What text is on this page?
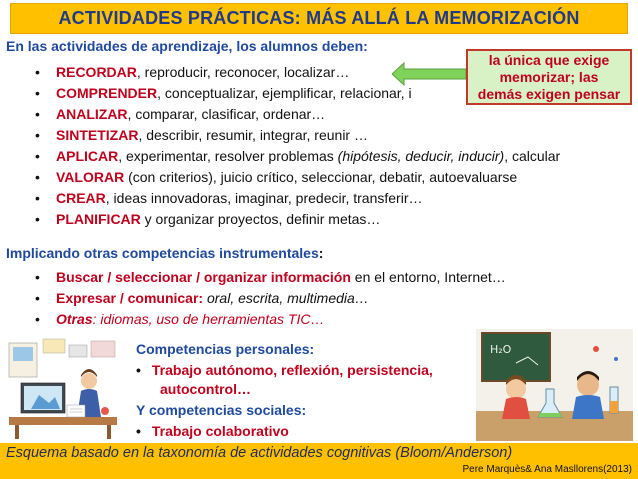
ACTIVIDADES PRÁCTICAS: MÁS ALLÁ LA MEMORIZACIÓN
En las actividades de aprendizaje, los alumnos deben:
• RECORDAR, reproducir, reconocer, localizar…
• COMPRENDER, conceptualizar, ejemplificar, relacionar, i
• ANALIZAR, comparar, clasificar, ordenar…
• SINTETIZAR, describir, resumir, integrar, reunir …
• APLICAR, experimentar, resolver problemas (hipótesis, deducir, inducir), calcular
• VALORAR (con criterios), juicio crítico, seleccionar, debatir, autoevaluarse
• CREAR, ideas innovadoras, imaginar, predecir, transferir…
• PLANIFICAR y organizar proyectos, definir metas…
la única que exige
memorizar; las
demás exigen pensar
Implicando otras competencias instrumentales:
• Buscar / seleccionar / organizar información en el entorno, Internet…
• Expresar / comunicar: oral, escrita, multimedia…
• Otras: idiomas, uso de herramientas TIC…
Competencias personales:
• Trabajo autónomo, reflexión, persistencia,
autocontrol…
Y competencias sociales:
• Trabajo colaborativo
H₂O
Esquema basado en la taxonomía de actividades cognitivas (Bloom/Anderson)
Pere Marquès& Ana Masllorens(2013)
